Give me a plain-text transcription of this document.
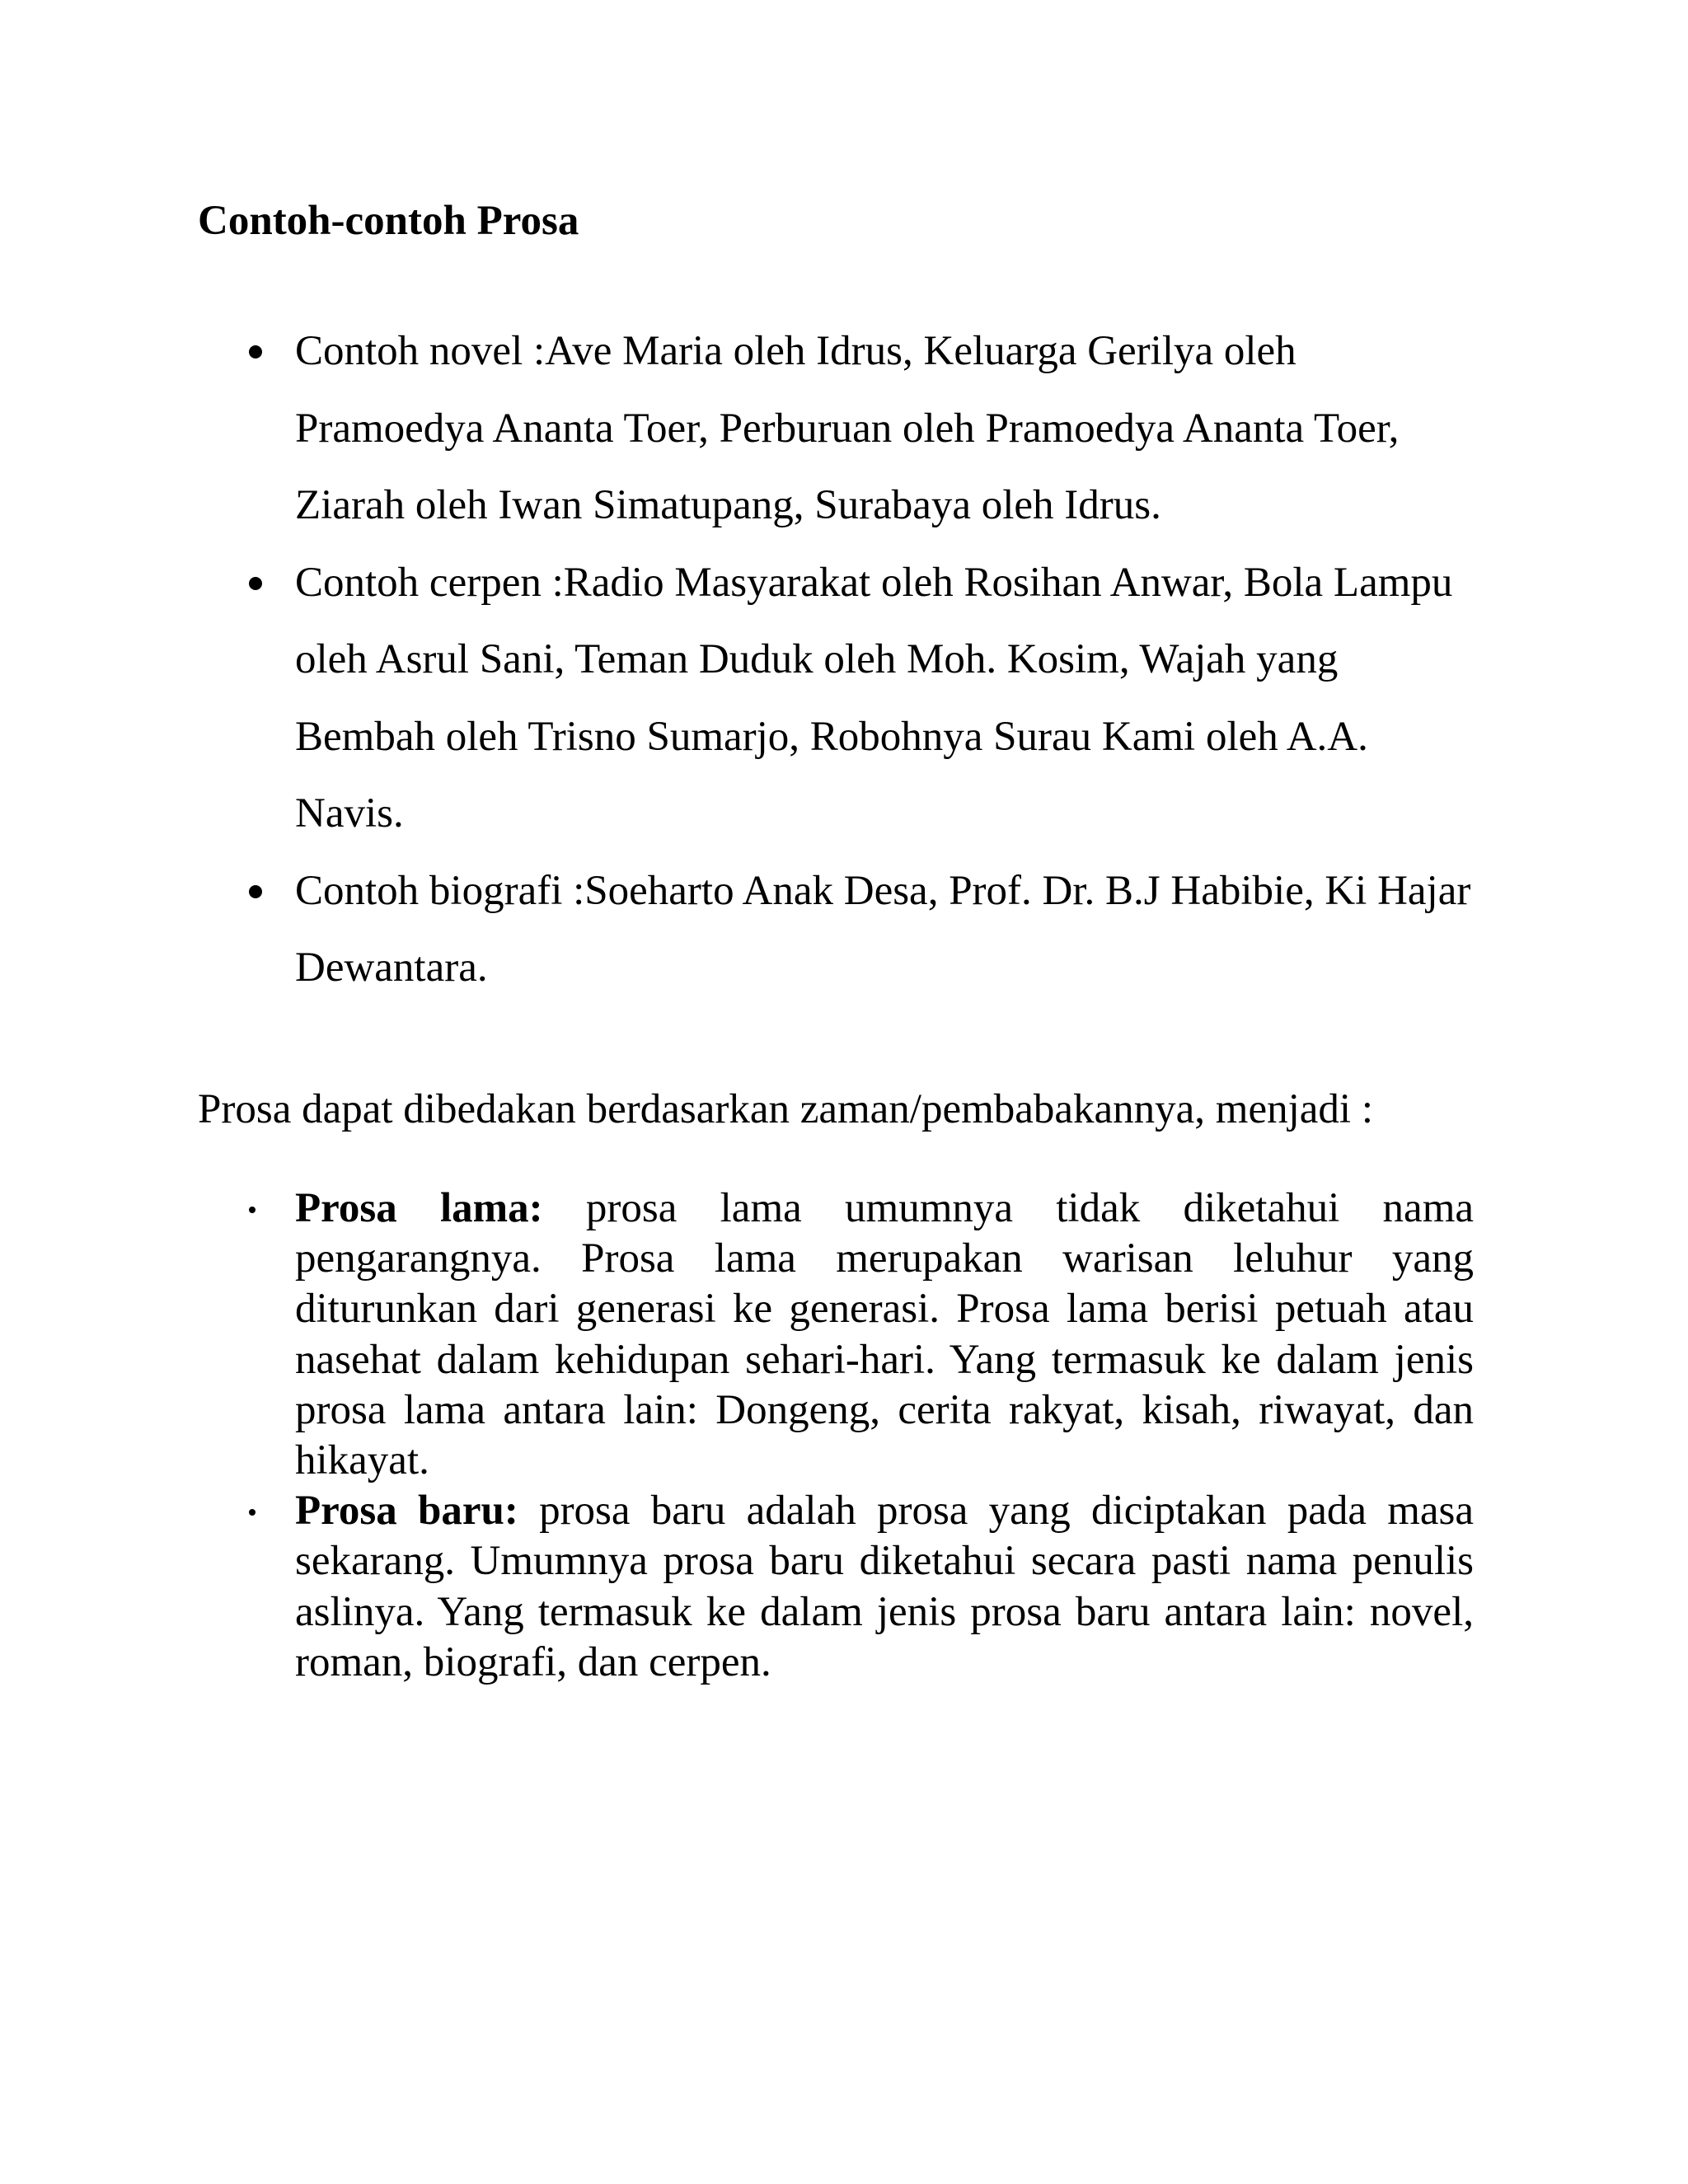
Contoh-contoh Prosa
Contoh novel :Ave Maria oleh Idrus, Keluarga Gerilya oleh Pramoedya Ananta Toer, Perburuan oleh Pramoedya Ananta Toer, Ziarah oleh Iwan Simatupang, Surabaya oleh Idrus.
Contoh cerpen :Radio Masyarakat oleh Rosihan Anwar, Bola Lampu oleh Asrul Sani, Teman Duduk oleh Moh. Kosim, Wajah yang Bembah oleh Trisno Sumarjo, Robohnya Surau Kami oleh A.A. Navis.
Contoh biografi :Soeharto Anak Desa, Prof. Dr. B.J Habibie, Ki Hajar Dewantara.

Prosa dapat dibedakan berdasarkan zaman/pembabakannya, menjadi :

Prosa lama: prosa lama umumnya tidak diketahui nama pengarangnya. Prosa lama merupakan warisan leluhur yang diturunkan dari generasi ke generasi. Prosa lama berisi petuah atau nasehat dalam kehidupan sehari-hari. Yang termasuk ke dalam jenis prosa lama antara lain: Dongeng, cerita rakyat, kisah, riwayat, dan hikayat.
Prosa baru: prosa baru adalah prosa yang diciptakan pada masa sekarang. Umumnya prosa baru diketahui secara pasti nama penulis aslinya. Yang termasuk ke dalam jenis prosa baru antara lain: novel, roman, biografi, dan cerpen.
